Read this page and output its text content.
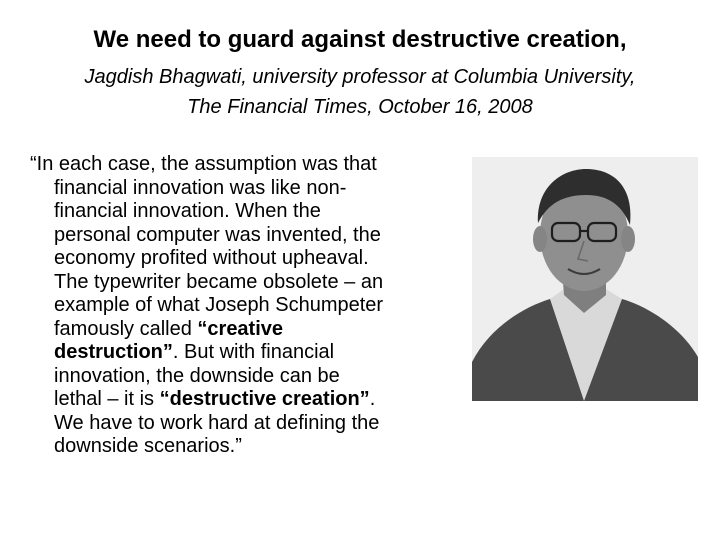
We need to guard against destructive creation,
Jagdish Bhagwati, university professor at Columbia University,
The Financial Times, October 16, 2008
“In each case, the assumption was that
financial innovation was like non-
financial innovation. When the
personal computer was invented, the
economy profited without upheaval.
The typewriter became obsolete – an
example of what Joseph Schumpeter
famously called “creative
destruction”. But with financial
innovation, the downside can be
lethal – it is “destructive creation”.
We have to work hard at defining the
downside scenarios.”
